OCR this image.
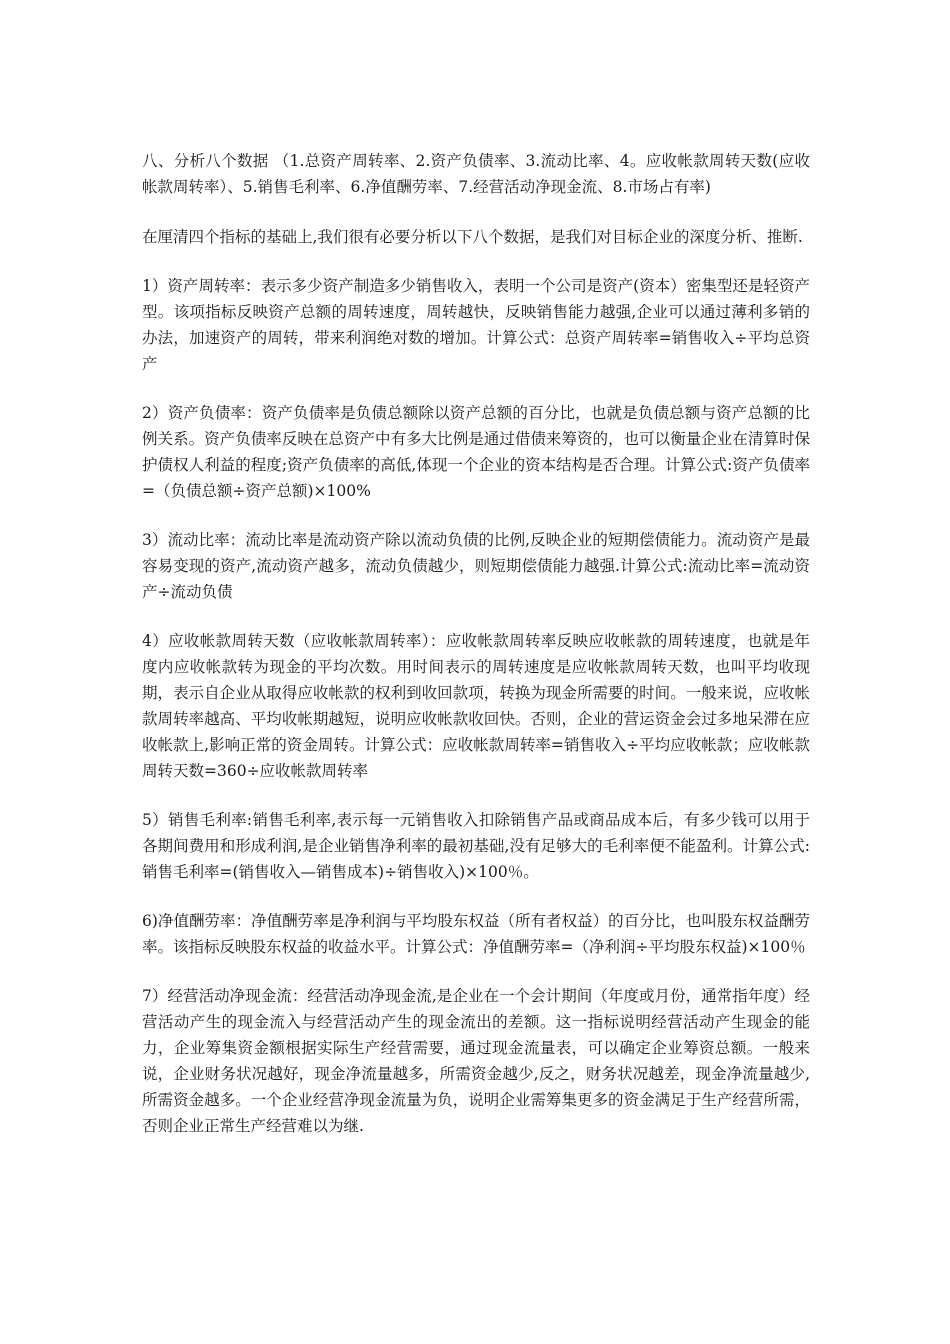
八、分析八个数据 （1.总资产周转率、2.资产负债率、3.流动比率、4。应收帐款周转天数(应收帐款周转率）、5.销售毛利率、6.净值酬劳率、7.经营活动净现金流、8.市场占有率)

在厘清四个指标的基础上,我们很有必要分析以下八个数据，是我们对目标企业的深度分析、推断.

1）资产周转率：表示多少资产制造多少销售收入，表明一个公司是资产(资本）密集型还是轻资产型。该项指标反映资产总额的周转速度，周转越快，反映销售能力越强,企业可以通过薄利多销的办法，加速资产的周转，带来利润绝对数的增加。计算公式：总资产周转率=销售收入÷平均总资产

2）资产负债率：资产负债率是负债总额除以资产总额的百分比，也就是负债总额与资产总额的比例关系。资产负债率反映在总资产中有多大比例是通过借债来筹资的，也可以衡量企业在清算时保护债权人利益的程度;资产负债率的高低,体现一个企业的资本结构是否合理。计算公式:资产负债率=（负债总额÷资产总额)×100%

3）流动比率：流动比率是流动资产除以流动负债的比例,反映企业的短期偿债能力。流动资产是最容易变现的资产,流动资产越多，流动负债越少，则短期偿债能力越强.计算公式:流动比率=流动资产÷流动负债

4）应收帐款周转天数（应收帐款周转率）：应收帐款周转率反映应收帐款的周转速度，也就是年度内应收帐款转为现金的平均次数。用时间表示的周转速度是应收帐款周转天数，也叫平均收现期，表示自企业从取得应收帐款的权利到收回款项，转换为现金所需要的时间。一般来说，应收帐款周转率越高、平均收帐期越短，说明应收帐款收回快。否则，企业的营运资金会过多地呆滞在应收帐款上,影响正常的资金周转。计算公式：应收帐款周转率=销售收入÷平均应收帐款；应收帐款周转天数=360÷应收帐款周转率

5）销售毛利率:销售毛利率,表示每一元销售收入扣除销售产品或商品成本后，有多少钱可以用于各期间费用和形成利润,是企业销售净利率的最初基础,没有足够大的毛利率便不能盈利。计算公式:销售毛利率=(销售收入—销售成本)÷销售收入)×100％。

6)净值酬劳率：净值酬劳率是净利润与平均股东权益（所有者权益）的百分比，也叫股东权益酬劳率。该指标反映股东权益的收益水平。计算公式：净值酬劳率=（净利润÷平均股东权益)×100％

7）经营活动净现金流：经营活动净现金流,是企业在一个会计期间（年度或月份，通常指年度）经营活动产生的现金流入与经营活动产生的现金流出的差额。这一指标说明经营活动产生现金的能力，企业筹集资金额根据实际生产经营需要，通过现金流量表，可以确定企业筹资总额。一般来说，企业财务状况越好，现金净流量越多，所需资金越少,反之，财务状况越差，现金净流量越少,所需资金越多。一个企业经营净现金流量为负，说明企业需筹集更多的资金满足于生产经营所需，否则企业正常生产经营难以为继.
